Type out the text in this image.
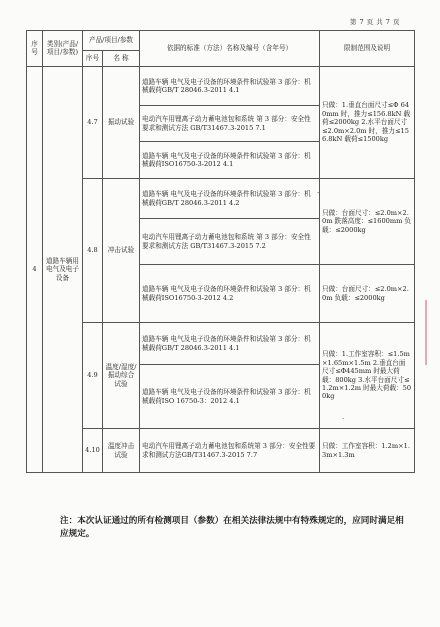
第 7 页 共 7 页
序号	类别(产品/项目/参数)	产品/项目/参数		依据的标准（方法）名称及编号（含年号）	限制范围及说明
		序号	名 称		
4	道路车辆用电气及电子设备	4.7	振动试验	道路车辆 电气及电子设备的环境条件和试验第 3 部分：机械载荷GB/T 28046.3-2011 4.1	只做：1.垂直台面尺寸≤Φ 640mm 时，推力≤156.8kN 载荷≤2000kg 2.水平台面尺寸≤2.0m×2.0m 时，推力≤156.8kN 载荷≤1500kg
				电动汽车用锂离子动力蓄电池包和系统 第 3 部分：安全性要求和测试方法 GB/T31467.3-2015 7.1	
				道路车辆 电气及电子设备的环境条件和试验第 3 部分：机械载荷ISO16750-3-2012 4.1	
		4.8	冲击试验	道路车辆 电气及电子设备的环境条件和试验第 3 部分：机械载荷GB/T 28046.3-2011 4.2	只做：台面尺寸：≤2.0m×2.0m 跌落高度：≤1600mm 负载：≤2000kg
				电动汽车用锂离子动力蓄电池包和系统 第 3 部分：安全性要求和测试方法 GB/T31467.3-2015 7.2	
				道路车辆 电气及电子设备的环境条件和试验第 3 部分：机械载荷ISO16750-3-2012 4.2	只做：台面尺寸：≤2.0m×2.0m 负载：≤2000kg
		4.9	温度/湿度/振动综合试验	道路车辆 电气及电子设备的环境条件和试验第 3 部分：机械载荷GB/T 28046.3-2011 4.1	只做：1.工作室容积：≤1.5m×1.65m×1.5m 2.垂直台面尺寸≤Φ445mm 时最大荷载：800kg 3.水平台面尺寸≤1.2m×1.2m 时最大荷载：500kg
				道路车辆 电气及电子设备的环境条件和试验第 3 部分：机械载荷ISO 16750-3：2012 4.1	
		4.10	温度冲击试验	电动汽车用锂离子动力蓄电池包和系统第 3 部分：安全性要求和测试方法GB/T31467.3-2015 7.7	只做：工作室容积：1.2m×1.3m×1.3m
·
·
注：本次认证通过的所有检测项目（参数）在相关法律法规中有特殊规定的，应同时满足相应规定。
